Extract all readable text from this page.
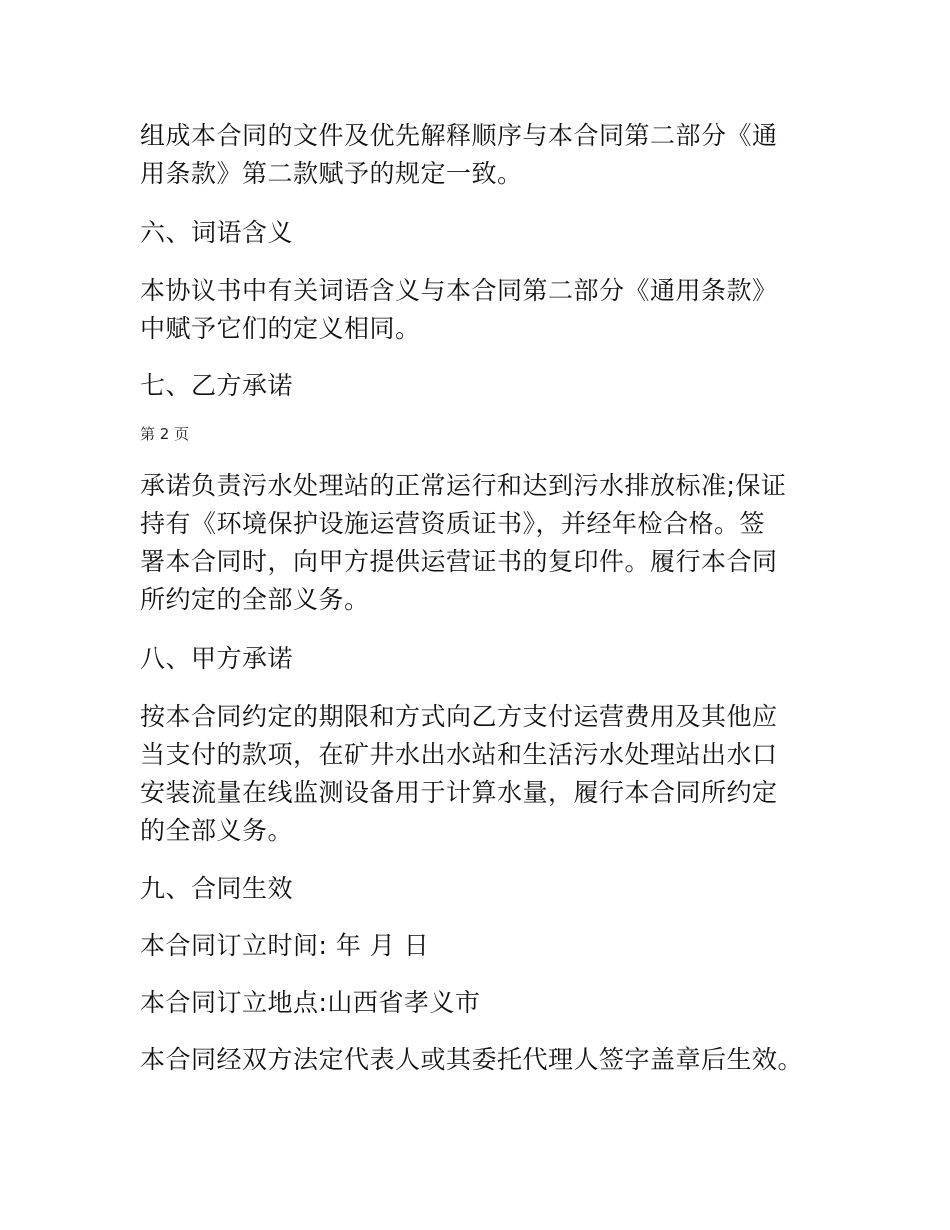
组成本合同的文件及优先解释顺序与本合同第二部分《通
用条款》第二款赋予的规定一致。
六、词语含义
本协议书中有关词语含义与本合同第二部分《通用条款》
中赋予它们的定义相同。
七、乙方承诺
第 2 页
承诺负责污水处理站的正常运行和达到污水排放标准;保证
持有《环境保护设施运营资质证书》，并经年检合格。签
署本合同时，向甲方提供运营证书的复印件。履行本合同
所约定的全部义务。
八、甲方承诺
按本合同约定的期限和方式向乙方支付运营费用及其他应
当支付的款项，在矿井水出水站和生活污水处理站出水口
安装流量在线监测设备用于计算水量，履行本合同所约定
的全部义务。
九、合同生效
本合同订立时间: 年 月 日
本合同订立地点:山西省孝义市
本合同经双方法定代表人或其委托代理人签字盖章后生效。
